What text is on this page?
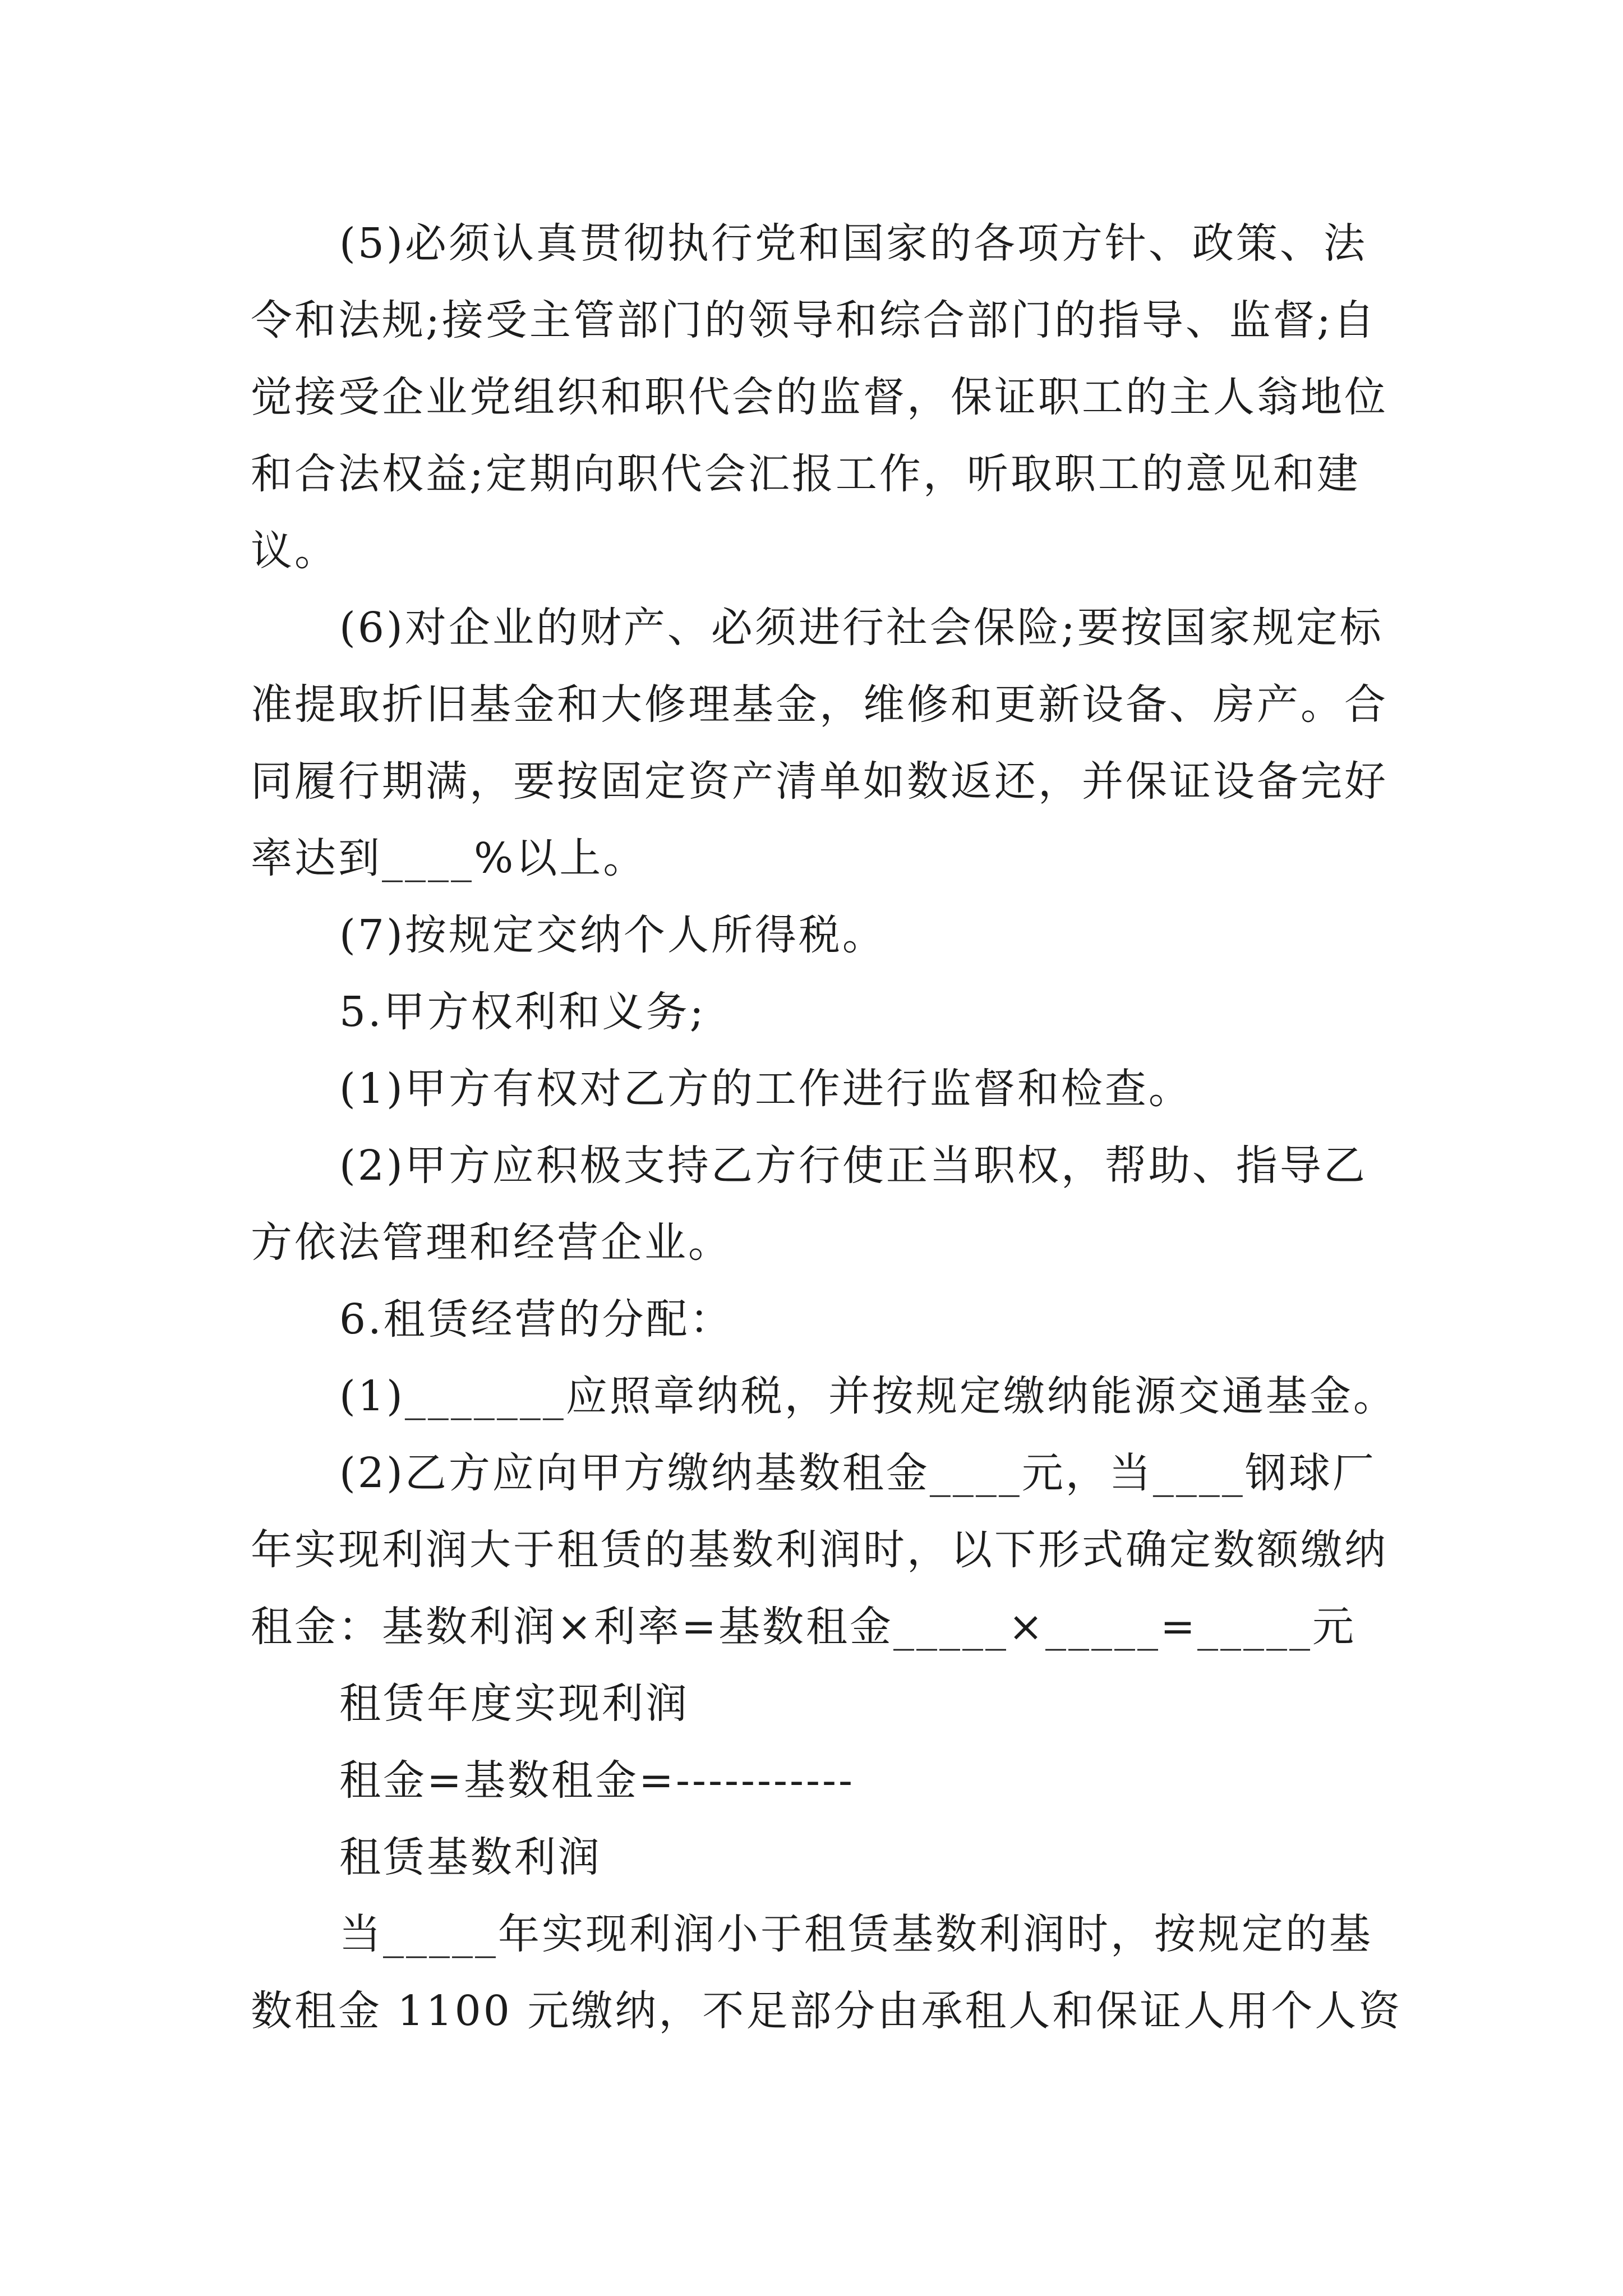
(5)必须认真贯彻执行党和国家的各项方针、政策、法
令和法规;接受主管部门的领导和综合部门的指导、监督;自
觉接受企业党组织和职代会的监督，保证职工的主人翁地位
和合法权益;定期向职代会汇报工作，听取职工的意见和建
议。
(6)对企业的财产、必须进行社会保险;要按国家规定标
准提取折旧基金和大修理基金，维修和更新设备、房产。合
同履行期满，要按固定资产清单如数返还，并保证设备完好
率达到____%以上。
(7)按规定交纳个人所得税。
5.甲方权利和义务;
(1)甲方有权对乙方的工作进行监督和检查。
(2)甲方应积极支持乙方行使正当职权，帮助、指导乙
方依法管理和经营企业。
6.租赁经营的分配：
(1)_______应照章纳税，并按规定缴纳能源交通基金。
(2)乙方应向甲方缴纳基数租金____元，当____钢球厂
年实现利润大于租赁的基数利润时，以下形式确定数额缴纳
租金：基数利润×利率=基数租金_____×_____=_____元
租赁年度实现利润
租金=基数租金=-----------
租赁基数利润
当_____年实现利润小于租赁基数利润时，按规定的基
数租金 1100 元缴纳，不足部分由承租人和保证人用个人资
